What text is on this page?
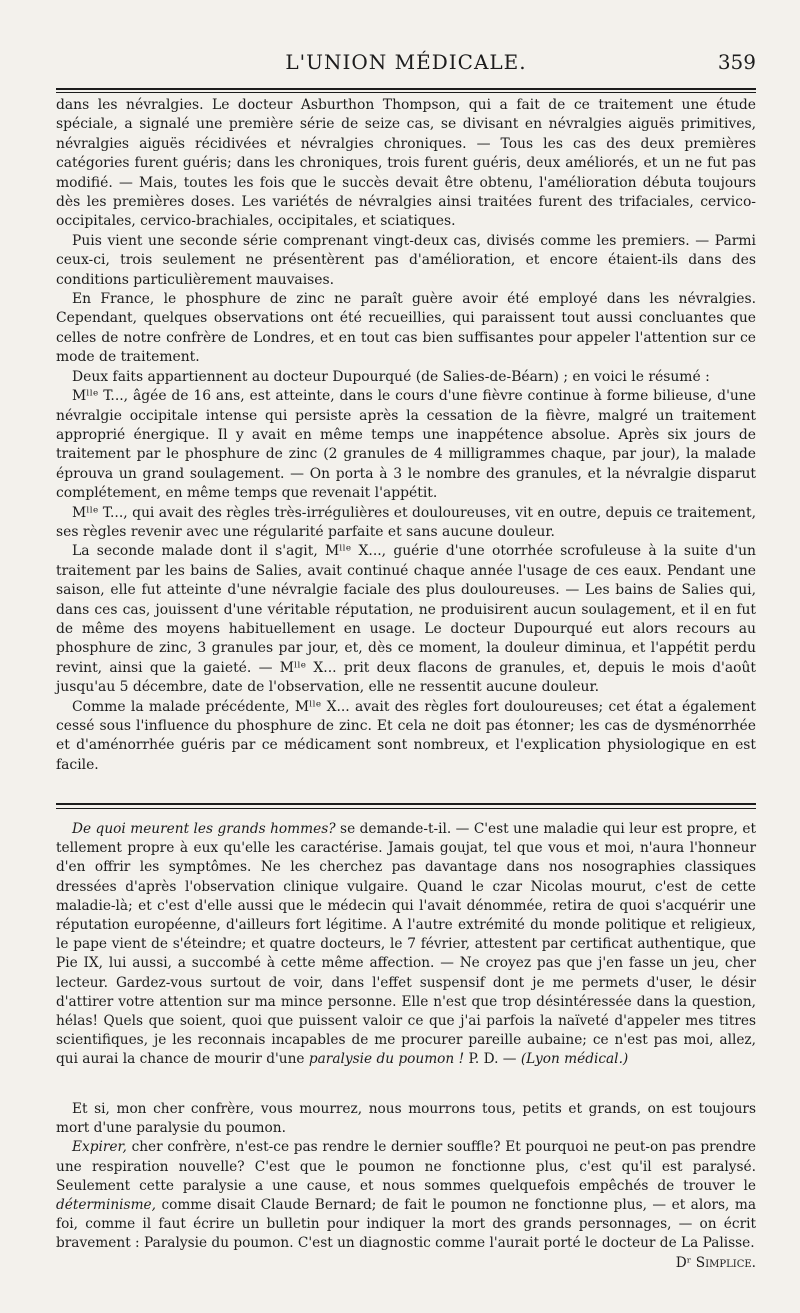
L'UNION MÉDICALE.	359

dans les névralgies. Le docteur Asburthon Thompson, qui a fait de ce traitement une étude spéciale, a signalé une première série de seize cas, se divisant en névralgies aiguës primitives, névralgies aiguës récidivées et névralgies chroniques. — Tous les cas des deux premières catégories furent guéris; dans les chroniques, trois furent guéris, deux améliorés, et un ne fut pas modifié. — Mais, toutes les fois que le succès devait être obtenu, l'amélioration débuta toujours dès les premières doses. Les variétés de névralgies ainsi traitées furent des trifaciales, cervico-occipitales, cervico-brachiales, occipitales, et sciatiques.

Puis vient une seconde série comprenant vingt-deux cas, divisés comme les premiers. — Parmi ceux-ci, trois seulement ne présentèrent pas d'amélioration, et encore étaient-ils dans des conditions particulièrement mauvaises.

En France, le phosphure de zinc ne paraît guère avoir été employé dans les névralgies. Cependant, quelques observations ont été recueillies, qui paraissent tout aussi concluantes que celles de notre confrère de Londres, et en tout cas bien suffisantes pour appeler l'attention sur ce mode de traitement.

Deux faits appartiennent au docteur Dupourqué (de Salies-de-Béarn) ; en voici le résumé :

Mˡˡᵉ T..., âgée de 16 ans, est atteinte, dans le cours d'une fièvre continue à forme bilieuse, d'une névralgie occipitale intense qui persiste après la cessation de la fièvre, malgré un traitement approprié énergique. Il y avait en même temps une inappétence absolue. Après six jours de traitement par le phosphure de zinc (2 granules de 4 milligrammes chaque, par jour), la malade éprouva un grand soulagement. — On porta à 3 le nombre des granules, et la névralgie disparut complétement, en même temps que revenait l'appétit.

Mˡˡᵉ T..., qui avait des règles très-irrégulières et douloureuses, vit en outre, depuis ce traitement, ses règles revenir avec une régularité parfaite et sans aucune douleur.

La seconde malade dont il s'agit, Mˡˡᵉ X..., guérie d'une otorrhée scrofuleuse à la suite d'un traitement par les bains de Salies, avait continué chaque année l'usage de ces eaux. Pendant une saison, elle fut atteinte d'une névralgie faciale des plus douloureuses. — Les bains de Salies qui, dans ces cas, jouissent d'une véritable réputation, ne produisirent aucun soulagement, et il en fut de même des moyens habituellement en usage. Le docteur Dupourqué eut alors recours au phosphure de zinc, 3 granules par jour, et, dès ce moment, la douleur diminua, et l'appétit perdu revint, ainsi que la gaieté. — Mˡˡᵉ X... prit deux flacons de granules, et, depuis le mois d'août jusqu'au 5 décembre, date de l'observation, elle ne ressentit aucune douleur.

Comme la malade précédente, Mˡˡᵉ X... avait des règles fort douloureuses; cet état a également cessé sous l'influence du phosphure de zinc. Et cela ne doit pas étonner; les cas de dysménorrhée et d'aménorrhée guéris par ce médicament sont nombreux, et l'explication physiologique en est facile.

De quoi meurent les grands hommes? se demande-t-il. — C'est une maladie qui leur est propre, et tellement propre à eux qu'elle les caractérise. Jamais goujat, tel que vous et moi, n'aura l'honneur d'en offrir les symptômes. Ne les cherchez pas davantage dans nos nosographies classiques dressées d'après l'observation clinique vulgaire. Quand le czar Nicolas mourut, c'est de cette maladie-là; et c'est d'elle aussi que le médecin qui l'avait dénommée, retira de quoi s'acquérir une réputation européenne, d'ailleurs fort légitime. A l'autre extrémité du monde politique et religieux, le pape vient de s'éteindre; et quatre docteurs, le 7 février, attestent par certificat authentique, que Pie IX, lui aussi, a succombé à cette même affection. — Ne croyez pas que j'en fasse un jeu, cher lecteur. Gardez-vous surtout de voir, dans l'effet suspensif dont je me permets d'user, le désir d'attirer votre attention sur ma mince personne. Elle n'est que trop désintéressée dans la question, hélas! Quels que soient, quoi que puissent valoir ce que j'ai parfois la naïveté d'appeler mes titres scientifiques, je les reconnais incapables de me procurer pareille aubaine; ce n'est pas moi, allez, qui aurai la chance de mourir d'une paralysie du poumon ! P. D. — (Lyon médical.)

Et si, mon cher confrère, vous mourrez, nous mourrons tous, petits et grands, on est toujours mort d'une paralysie du poumon.

Expirer, cher confrère, n'est-ce pas rendre le dernier souffle? Et pourquoi ne peut-on pas prendre une respiration nouvelle? C'est que le poumon ne fonctionne plus, c'est qu'il est paralysé. Seulement cette paralysie a une cause, et nous sommes quelquefois empêchés de trouver le déterminisme, comme disait Claude Bernard; de fait le poumon ne fonctionne plus, — et alors, ma foi, comme il faut écrire un bulletin pour indiquer la mort des grands personnages, — on écrit bravement : Paralysie du poumon. C'est un diagnostic comme l'aurait porté le docteur de La Palisse.

Dʳ Simplice.
